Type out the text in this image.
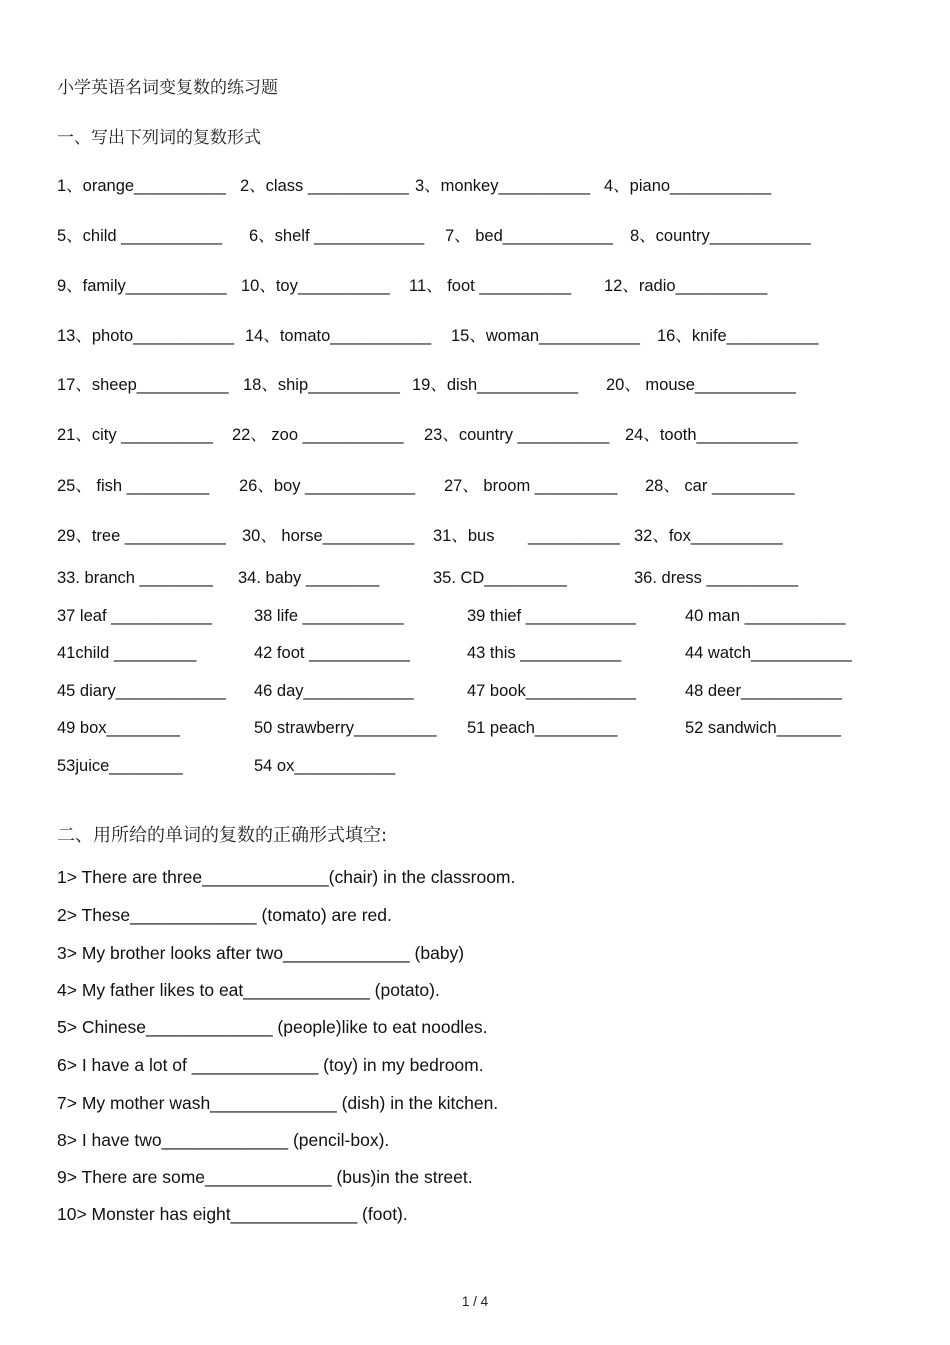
小学英语名词变复数的练习题
一、写出下列词的复数形式
1、orange__________ 2、class ___________ 3、monkey__________ 4、piano___________
5、child ___________ 6、shelf ____________ 7、 bed____________ 8、country___________
9、family___________ 10、toy__________ 11、 foot __________ 12、radio__________
13、photo___________ 14、tomato___________ 15、woman___________ 16、knife__________
17、sheep__________ 18、ship__________ 19、dish___________ 20、 mouse___________
21、city __________ 22、 zoo ___________ 23、country __________ 24、tooth___________
25、 fish _________ 26、boy ____________ 27、 broom _________ 28、 car _________
29、tree ___________ 30、 horse__________ 31、bus __________ 32、fox__________
33. branch ________ 34. baby ________	35. CD_________	36. dress __________
37 leaf ___________	38 life ___________	39 thief ____________	40 man ___________
41child _________	42 foot ___________	43 this ___________	44 watch___________
45 diary____________ 46 day____________	47 book____________	48 deer___________
49 box________	50 strawberry_________ 51 peach_________	52 sandwich_______
53juice________	54 ox___________
二、用所给的单词的复数的正确形式填空:
1> There are three_____________(chair) in the classroom.
2> These_____________ (tomato) are red.
3> My brother looks after two_____________ (baby)
4> My father likes to eat_____________ (potato).
5> Chinese_____________ (people)like to eat noodles.
6> I have a lot of _____________ (toy) in my bedroom.
7> My mother wash_____________ (dish) in the kitchen.
8> I have two_____________ (pencil-box).
9> There are some_____________ (bus)in the street.
10> Monster has eight_____________ (foot).
1 / 4
